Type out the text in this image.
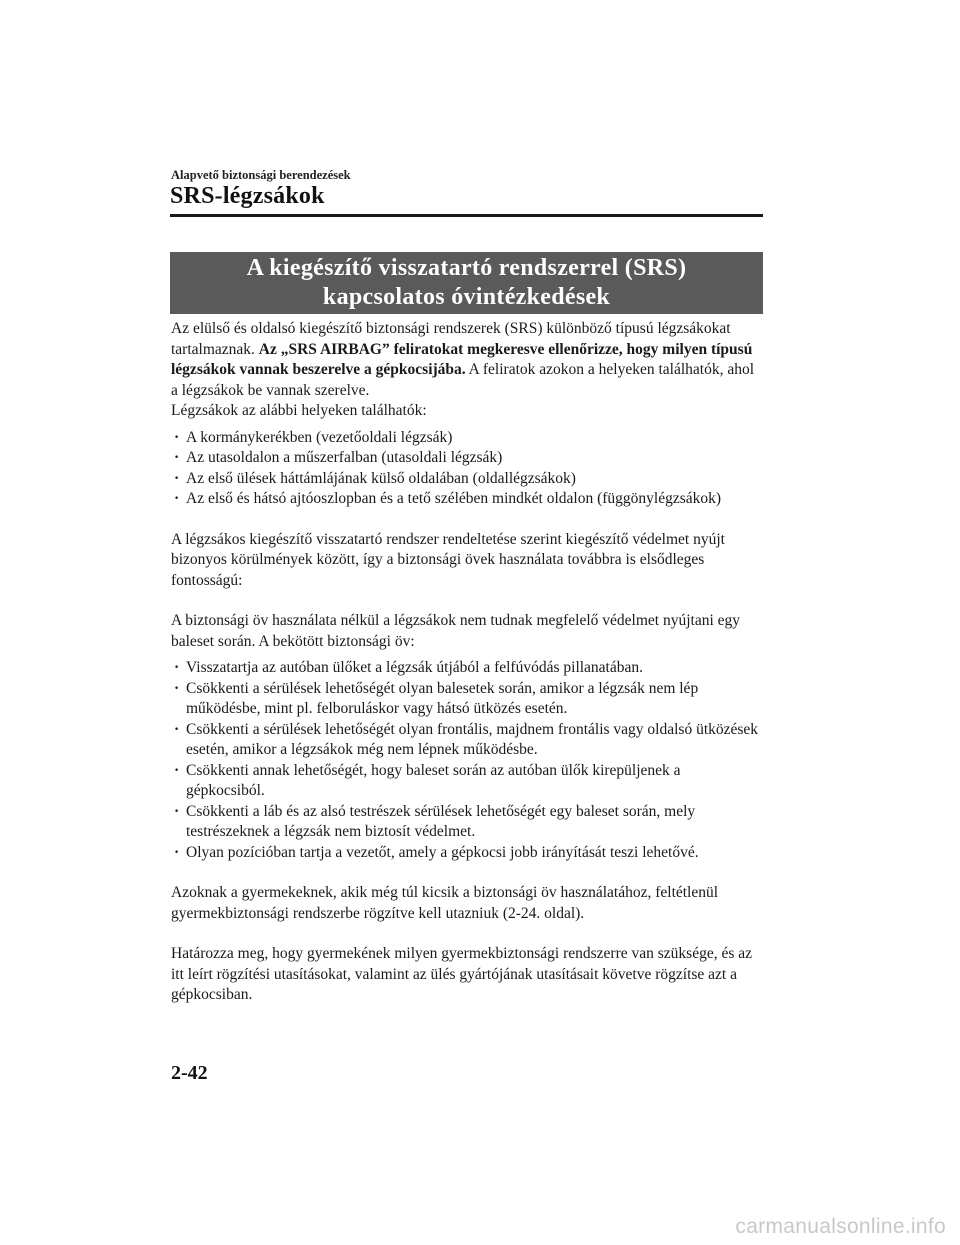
Alapvető biztonsági berendezések
SRS-légzsákok
A kiegészítő visszatartó rendszerrel (SRS) kapcsolatos óvintézkedések

Az elülső és oldalsó kiegészítő biztonsági rendszerek (SRS) különböző típusú légzsákokat tartalmaznak. Az „SRS AIRBAG” feliratokat megkeresve ellenőrizze, hogy milyen típusú légzsákok vannak beszerelve a gépkocsijába. A feliratok azokon a helyeken találhatók, ahol a légzsákok be vannak szerelve.

Légzsákok az alábbi helyeken találhatók:

· A kormánykerékben (vezetőoldali légzsák)
· Az utasoldalon a műszerfalban (utasoldali légzsák)
· Az első ülések háttámlájának külső oldalában (oldallégzsákok)
· Az első és hátsó ajtóoszlopban és a tető szélében mindkét oldalon (függönylégzsákok)

A légzsákos kiegészítő visszatartó rendszer rendeltetése szerint kiegészítő védelmet nyújt bizonyos körülmények között, így a biztonsági övek használata továbbra is elsődleges fontosságú:

A biztonsági öv használata nélkül a légzsákok nem tudnak megfelelő védelmet nyújtani egy baleset során. A bekötött biztonsági öv:

· Visszatartja az autóban ülőket a légzsák útjából a felfúvódás pillanatában.
· Csökkenti a sérülések lehetőségét olyan balesetek során, amikor a légzsák nem lép működésbe, mint pl. felboruláskor vagy hátsó ütközés esetén.
· Csökkenti a sérülések lehetőségét olyan frontális, majdnem frontális vagy oldalsó ütközések esetén, amikor a légzsákok még nem lépnek működésbe.
· Csökkenti annak lehetőségét, hogy baleset során az autóban ülők kirepüljenek a gépkocsiból.
· Csökkenti a láb és az alsó testrészek sérülések lehetőségét egy baleset során, mely testrészeknek a légzsák nem biztosít védelmet.
· Olyan pozícióban tartja a vezetőt, amely a gépkocsi jobb irányítását teszi lehetővé.

Azoknak a gyermekeknek, akik még túl kicsik a biztonsági öv használatához, feltétlenül gyermekbiztonsági rendszerbe rögzítve kell utazniuk (2-24. oldal).

Határozza meg, hogy gyermekének milyen gyermekbiztonsági rendszerre van szüksége, és az itt leírt rögzítési utasításokat, valamint az ülés gyártójának utasításait követve rögzítse azt a gépkocsiban.

2-42
carmanualsonline.info
